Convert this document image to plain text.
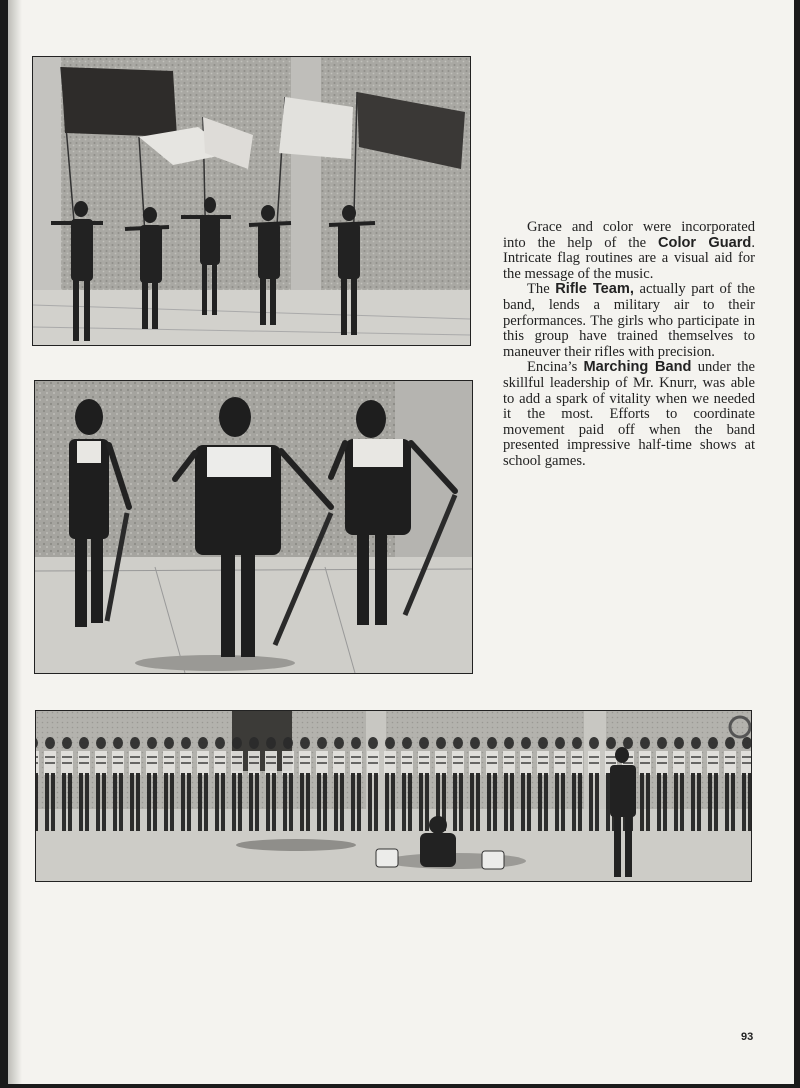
Grace and color were incorporated into the help of the Color Guard. Intricate flag routines are a visual aid for the message of the music.

The Rifle Team, actually part of the band, lends a military air to their performances. The girls who participate in this group have trained themselves to maneuver their rifles with precision.

Encina’s Marching Band under the skillful leadership of Mr. Knurr, was able to add a spark of vitality when we needed it the most. Efforts to coordinate movement paid off when the band presented impressive half-time shows at school games.

93
